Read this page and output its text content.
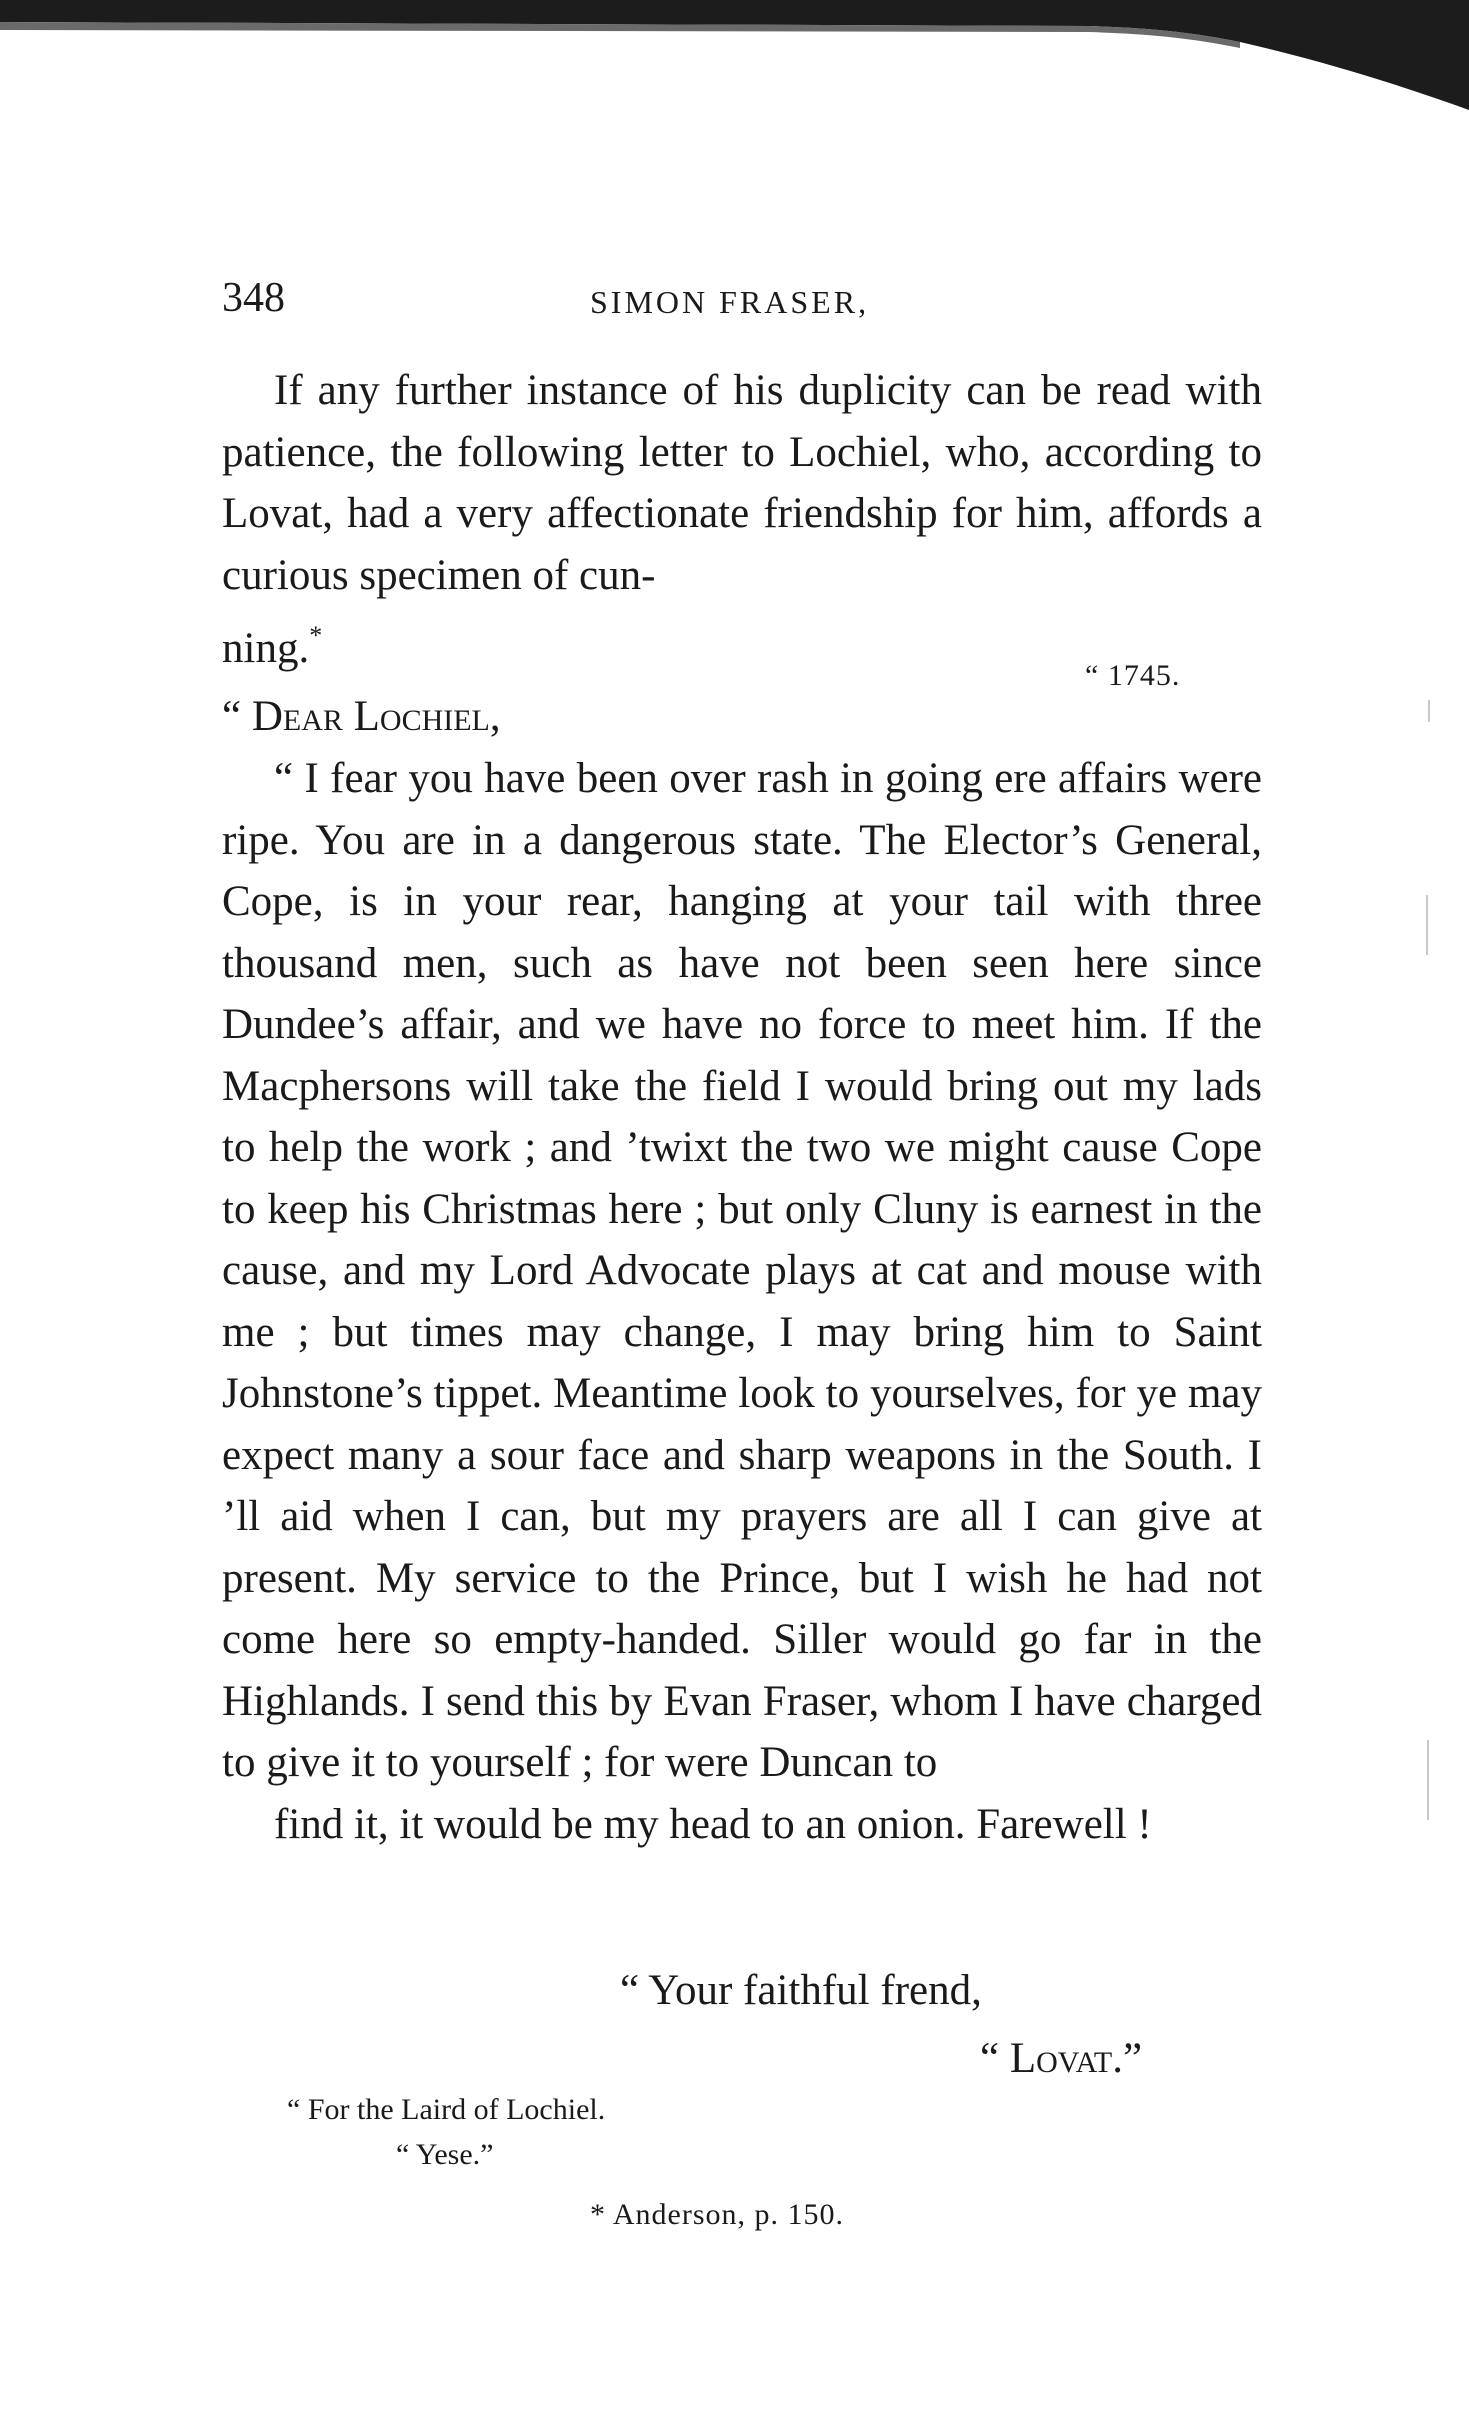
348	SIMON FRASER,

If any further instance of his duplicity can be read with patience, the following letter to Lochiel, who, according to Lovat, had a very affectionate friendship for him, affords a curious specimen of cun-

ning.*

“ 1745.
“ Dear Lochiel,

“ I fear you have been over rash in going ere affairs were ripe. You are in a dangerous state. The Elector’s General, Cope, is in your rear, hanging at your tail with three thousand men, such as have not been seen here since Dundee’s affair, and we have no force to meet him. If the Macphersons will take the field I would bring out my lads to help the work ; and ’twixt the two we might cause Cope to keep his Christmas here ; but only Cluny is earnest in the cause, and my Lord Advocate plays at cat and mouse with me ; but times may change, I may bring him to Saint Johnstone’s tippet. Meantime look to yourselves, for ye may expect many a sour face and sharp weapons in the South. I ’ll aid when I can, but my prayers are all I can give at present. My service to the Prince, but I wish he had not come here so empty-handed. Siller would go far in the Highlands. I send this by Evan Fraser, whom I have charged to give it to yourself ; for were Duncan to
find it, it would be my head to an onion. Farewell !

“ Your faithful frend,
“ Lovat.”
“ For the Laird of Lochiel.
“ Yese.”
* Anderson, p. 150.
